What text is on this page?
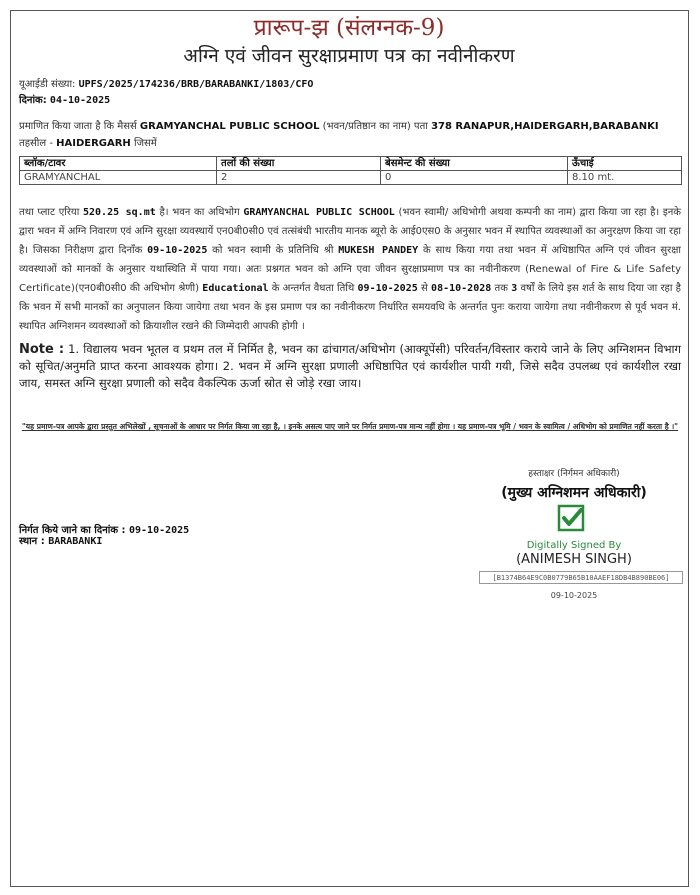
प्रारूप-झ (संलग्नक-9)
अग्नि एवं जीवन सुरक्षाप्रमाण पत्र का नवीनीकरण
यूआईडी संख्या: UPFS/2025/174236/BRB/BARABANKI/1803/CFO
दिनांक: 04-10-2025
प्रमाणित किया जाता है कि मैसर्स GRAMYANCHAL PUBLIC SCHOOL (भवन/प्रतिष्ठान का नाम) पता 378 RANAPUR,HAIDERGARH,BARABANKI
तहसील - HAIDERGARH जिसमें
ब्लॉक/टावर	तलों की संख्या	बेसमेन्ट की संख्या	ऊँचाई
GRAMYANCHAL	2	0	8.10 mt.
तथा प्लाट एरिया 520.25 sq.mt है। भवन का अधिभोग GRAMYANCHAL PUBLIC SCHOOL (भवन स्वामी/ अधिभोगी अथवा कम्पनी का नाम) द्वारा किया जा रहा है। इनके द्वारा भवन में अग्नि निवारण एवं अग्नि सुरक्षा व्यवस्थायें एन0बी0सी0 एवं तत्संबंधी भारतीय मानक ब्यूरो के आई0एस0 के अनुसार भवन में स्थापित व्यवस्थाओं का अनुरक्षण किया जा रहा है। जिसका निरीक्षण द्वारा दिनाँक 09-10-2025 को भवन स्वामी के प्रतिनिधि श्री MUKESH PANDEY के साथ किया गया तथा भवन में अधिष्ठापित अग्नि एवं जीवन सुरक्षा व्यवस्थाओं को मानकों के अनुसार यथास्थिति में पाया गया। अतः प्रश्नगत भवन को अग्नि एवा जीवन सुरक्षाप्रमाण पत्र का नवीनीकरण (Renewal of Fire & Life Safety Certificate)(एन0बी0सी0 की अधिभोग श्रेणी) Educational के अन्तर्गत वैधता तिथि 09-10-2025 से 08-10-2028 तक 3 वर्षों के लिये इस शर्त के साथ दिया जा रहा है कि भवन में सभी मानकों का अनुपालन किया जायेगा तथा भवन के इस प्रमाण पत्र का नवीनीकरण निर्धारित समयवधि के अन्तर्गत पुनः कराया जायेगा तथा नवीनीकरण से पूर्व भवन मं. स्थापित अग्निशमन व्यवस्थाओं को क्रियाशील रखने की जिम्मेदारी आपकी होगी ।
Note : 1. विद्यालय भवन भूतल व प्रथम तल में निर्मित है, भवन का ढांचागत/अधिभोग (आक्यूपेंसी) परिवर्तन/विस्तार कराये जाने के लिए अग्निशमन विभाग को सूचित/अनुमति प्राप्त करना आवश्यक होगा। 2. भवन में अग्नि सुरक्षा प्रणाली अधिष्ठापित एवं कार्यशील पायी गयी, जिसे सदैव उपलब्ध एवं कार्यशील रखा जाय, समस्त अग्नि सुरक्षा प्रणाली को सदैव वैकल्पिक ऊर्जा स्रोत से जोड़े रखा जाय।
"यह प्रमाण-पत्र आपके द्वारा प्रस्तुत अभिलेखों , सूचनाओं के आधार पर निर्गत किया जा रहा है, । इनके असत्य पाए जाने पर निर्गत प्रमाण-पत्र मान्य नहीं होगा । यह प्रमाण-पत्र भूमि / भवन के स्वामित्व / अधिभोग को प्रमाणित नहीं करता है ।"
निर्गत किये जाने का दिनांक : 09-10-2025
स्थान : BARABANKI
हस्ताक्षर (निर्गमन अधिकारी)
(मुख्य अग्निशमन अधिकारी)
Digitally Signed By
(ANIMESH SINGH)
[B1374B64E9C0B0779B65B10AAEF18DB4B890BE06]
09-10-2025
